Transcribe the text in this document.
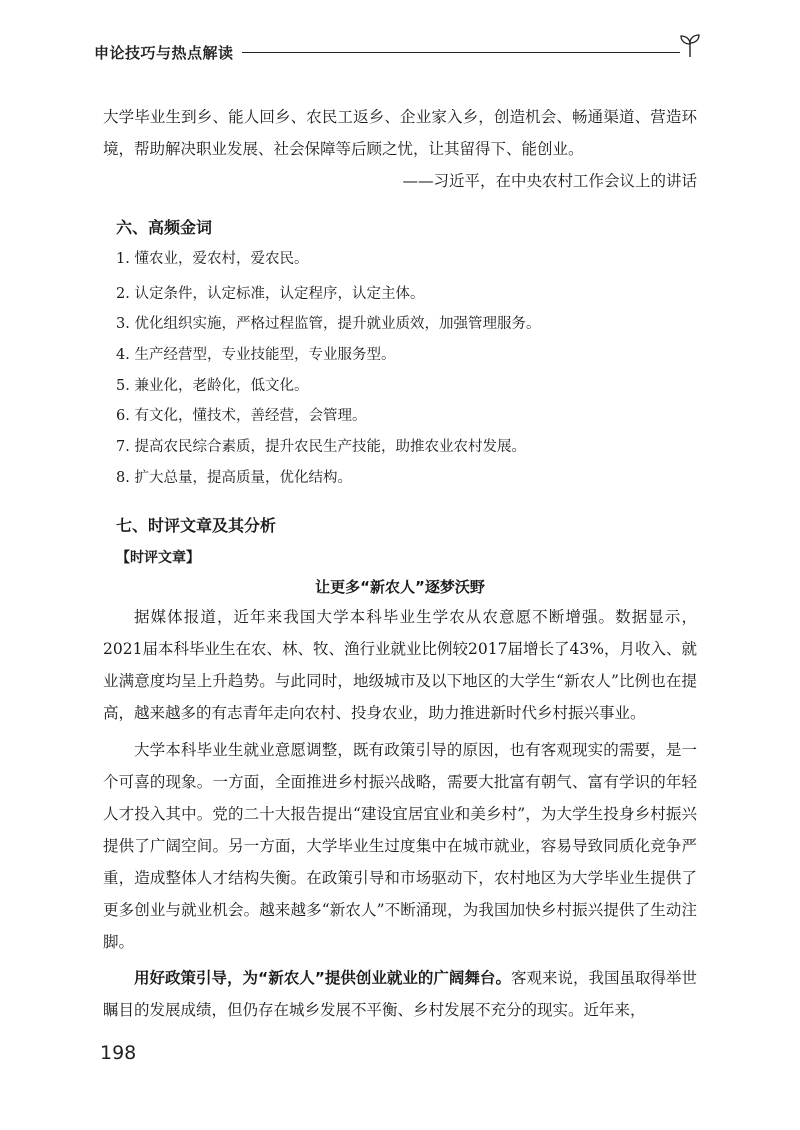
申论技巧与热点解读
大学毕业生到乡、能人回乡、农民工返乡、企业家入乡，创造机会、畅通渠道、营造环境，帮助解决职业发展、社会保障等后顾之忧，让其留得下、能创业。
——习近平，在中央农村工作会议上的讲话
六、高频金词
1. 懂农业，爱农村，爱农民。
2. 认定条件，认定标准，认定程序，认定主体。
3. 优化组织实施，严格过程监管，提升就业质效，加强管理服务。
4. 生产经营型，专业技能型，专业服务型。
5. 兼业化，老龄化，低文化。
6. 有文化，懂技术，善经营，会管理。
7. 提高农民综合素质，提升农民生产技能，助推农业农村发展。
8. 扩大总量，提高质量，优化结构。
七、时评文章及其分析
【时评文章】
让更多“新农人”逐梦沃野
据媒体报道，近年来我国大学本科毕业生学农从农意愿不断增强。数据显示，2021届本科毕业生在农、林、牧、渔行业就业比例较2017届增长了43%，月收入、就业满意度均呈上升趋势。与此同时，地级城市及以下地区的大学生“新农人”比例也在提高，越来越多的有志青年走向农村、投身农业，助力推进新时代乡村振兴事业。
大学本科毕业生就业意愿调整，既有政策引导的原因，也有客观现实的需要，是一个可喜的现象。一方面，全面推进乡村振兴战略，需要大批富有朝气、富有学识的年轻人才投入其中。党的二十大报告提出“建设宜居宜业和美乡村”，为大学生投身乡村振兴提供了广阔空间。另一方面，大学毕业生过度集中在城市就业，容易导致同质化竞争严重，造成整体人才结构失衡。在政策引导和市场驱动下，农村地区为大学毕业生提供了更多创业与就业机会。越来越多“新农人”不断涌现，为我国加快乡村振兴提供了生动注脚。
用好政策引导，为“新农人”提供创业就业的广阔舞台。客观来说，我国虽取得举世瞩目的发展成绩，但仍存在城乡发展不平衡、乡村发展不充分的现实。近年来，
198
